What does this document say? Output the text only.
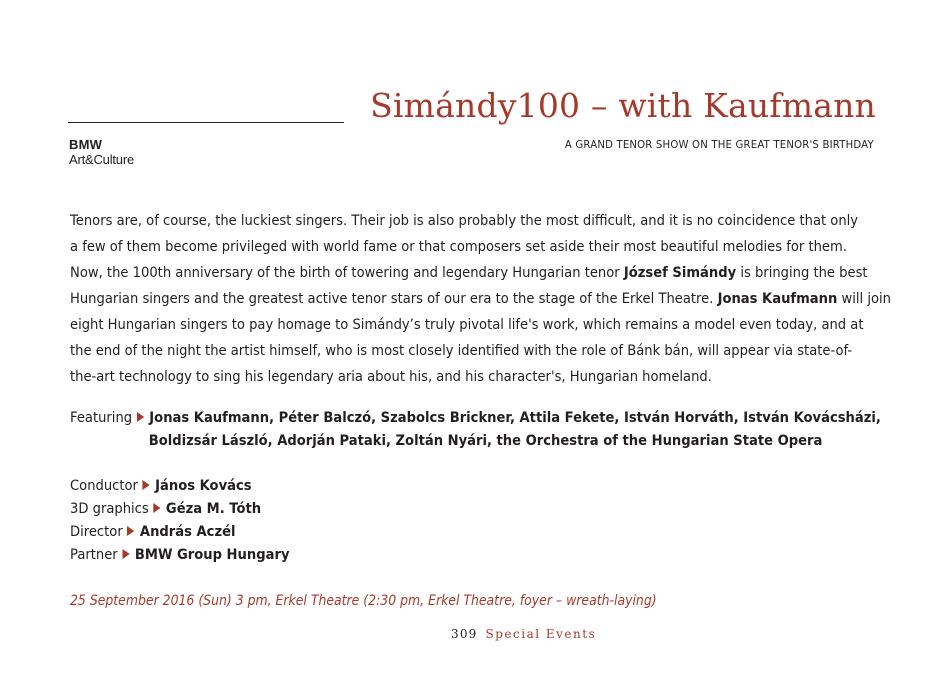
BMW
Art&Culture
Simándy100 – with Kaufmann
A GRAND TENOR SHOW ON THE GREAT TENOR'S BIRTHDAY
Tenors are, of course, the luckiest singers. Their job is also probably the most difficult, and it is no coincidence that only
a few of them become privileged with world fame or that composers set aside their most beautiful melodies for them.
Now, the 100th anniversary of the birth of towering and legendary Hungarian tenor József Simándy is bringing the best
Hungarian singers and the greatest active tenor stars of our era to the stage of the Erkel Theatre. Jonas Kaufmann will join
eight Hungarian singers to pay homage to Simándy’s truly pivotal life's work, which remains a model even today, and at
the end of the night the artist himself, who is most closely identified with the role of Bánk bán, will appear via state-of-
the-art technology to sing his legendary aria about his, and his character's, Hungarian homeland.
Featuring Jonas Kaufmann, Péter Balczó, Szabolcs Brickner, Attila Fekete, István Horváth, István Kovácsházi,
Boldizsár László, Adorján Pataki, Zoltán Nyári, the Orchestra of the Hungarian State Opera
Conductor János Kovács
3D graphics Géza M. Tóth
Director András Aczél
Partner BMW Group Hungary
25 September 2016 (Sun) 3 pm, Erkel Theatre (2:30 pm, Erkel Theatre, foyer – wreath-laying)
309 Special Events
